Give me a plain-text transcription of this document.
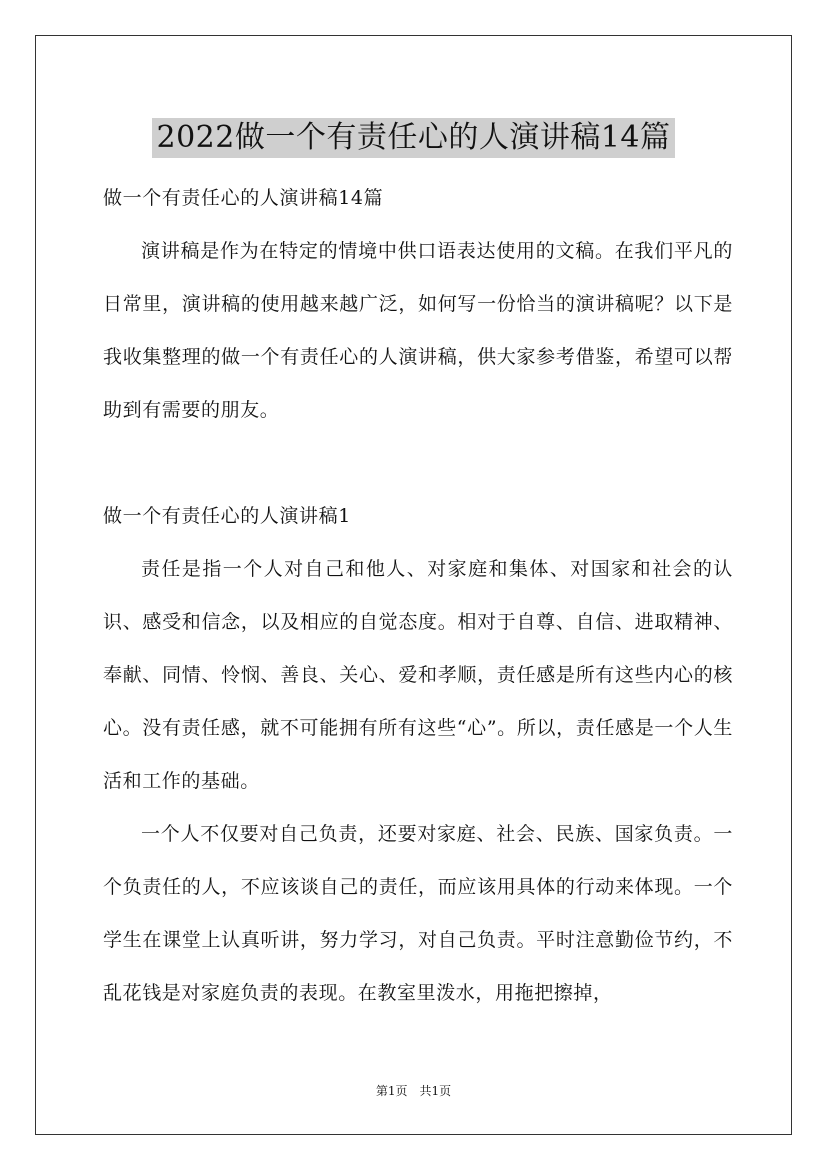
2022做一个有责任心的人演讲稿14篇

做一个有责任心的人演讲稿14篇

演讲稿是作为在特定的情境中供口语表达使用的文稿。在我们平凡的日常里，演讲稿的使用越来越广泛，如何写一份恰当的演讲稿呢？以下是我收集整理的做一个有责任心的人演讲稿，供大家参考借鉴，希望可以帮助到有需要的朋友。

做一个有责任心的人演讲稿1

责任是指一个人对自己和他人、对家庭和集体、对国家和社会的认识、感受和信念，以及相应的自觉态度。相对于自尊、自信、进取精神、奉献、同情、怜悯、善良、关心、爱和孝顺，责任感是所有这些内心的核心。没有责任感，就不可能拥有所有这些“心”。所以，责任感是一个人生活和工作的基础。

一个人不仅要对自己负责，还要对家庭、社会、民族、国家负责。一个负责任的人，不应该谈自己的责任，而应该用具体的行动来体现。一个学生在课堂上认真听讲，努力学习，对自己负责。平时注意勤俭节约，不乱花钱是对家庭负责的表现。在教室里泼水，用拖把擦掉，

第1页　共1页
